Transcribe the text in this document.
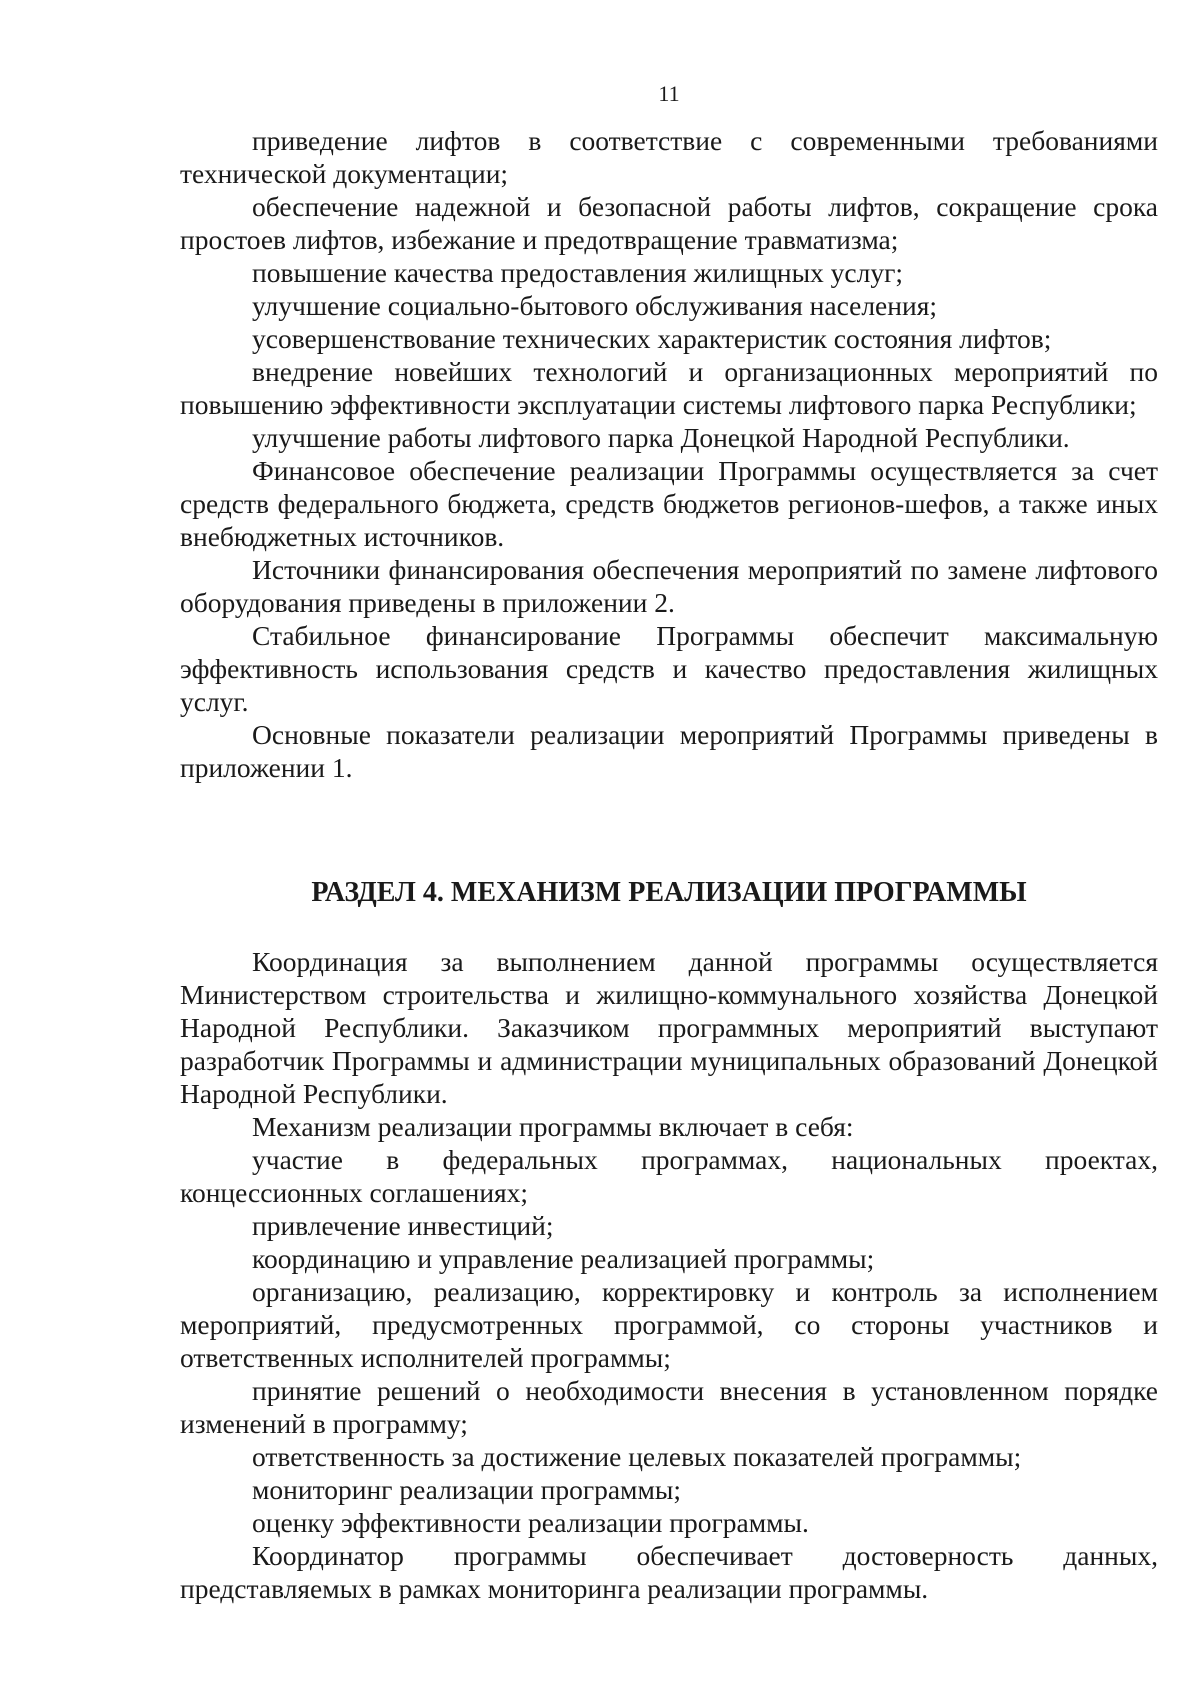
11

приведение лифтов в соответствие с современными требованиями технической документации;

обеспечение надежной и безопасной работы лифтов, сокращение срока простоев лифтов, избежание и предотвращение травматизма;

повышение качества предоставления жилищных услуг;

улучшение социально-бытового обслуживания населения;

усовершенствование технических характеристик состояния лифтов;

внедрение новейших технологий и организационных мероприятий по повышению эффективности эксплуатации системы лифтового парка Республики;

улучшение работы лифтового парка Донецкой Народной Республики.

Финансовое обеспечение реализации Программы осуществляется за счет средств федерального бюджета, средств бюджетов регионов-шефов, а также иных внебюджетных источников.

Источники финансирования обеспечения мероприятий по замене лифтового оборудования приведены в приложении 2.

Стабильное финансирование Программы обеспечит максимальную эффективность использования средств и качество предоставления жилищных услуг.

Основные показатели реализации мероприятий Программы приведены в приложении 1.

РАЗДЕЛ 4. МЕХАНИЗМ РЕАЛИЗАЦИИ ПРОГРАММЫ

Координация за выполнением данной программы осуществляется Министерством строительства и жилищно-коммунального хозяйства Донецкой Народной Республики. Заказчиком программных мероприятий выступают разработчик Программы и администрации муниципальных образований Донецкой Народной Республики.

Механизм реализации программы включает в себя:

участие в федеральных программах, национальных проектах, концессионных соглашениях;

привлечение инвестиций;

координацию и управление реализацией программы;

организацию, реализацию, корректировку и контроль за исполнением мероприятий, предусмотренных программой, со стороны участников и ответственных исполнителей программы;

принятие решений о необходимости внесения в установленном порядке изменений в программу;

ответственность за достижение целевых показателей программы;

мониторинг реализации программы;

оценку эффективности реализации программы.

Координатор программы обеспечивает достоверность данных, представляемых в рамках мониторинга реализации программы.
